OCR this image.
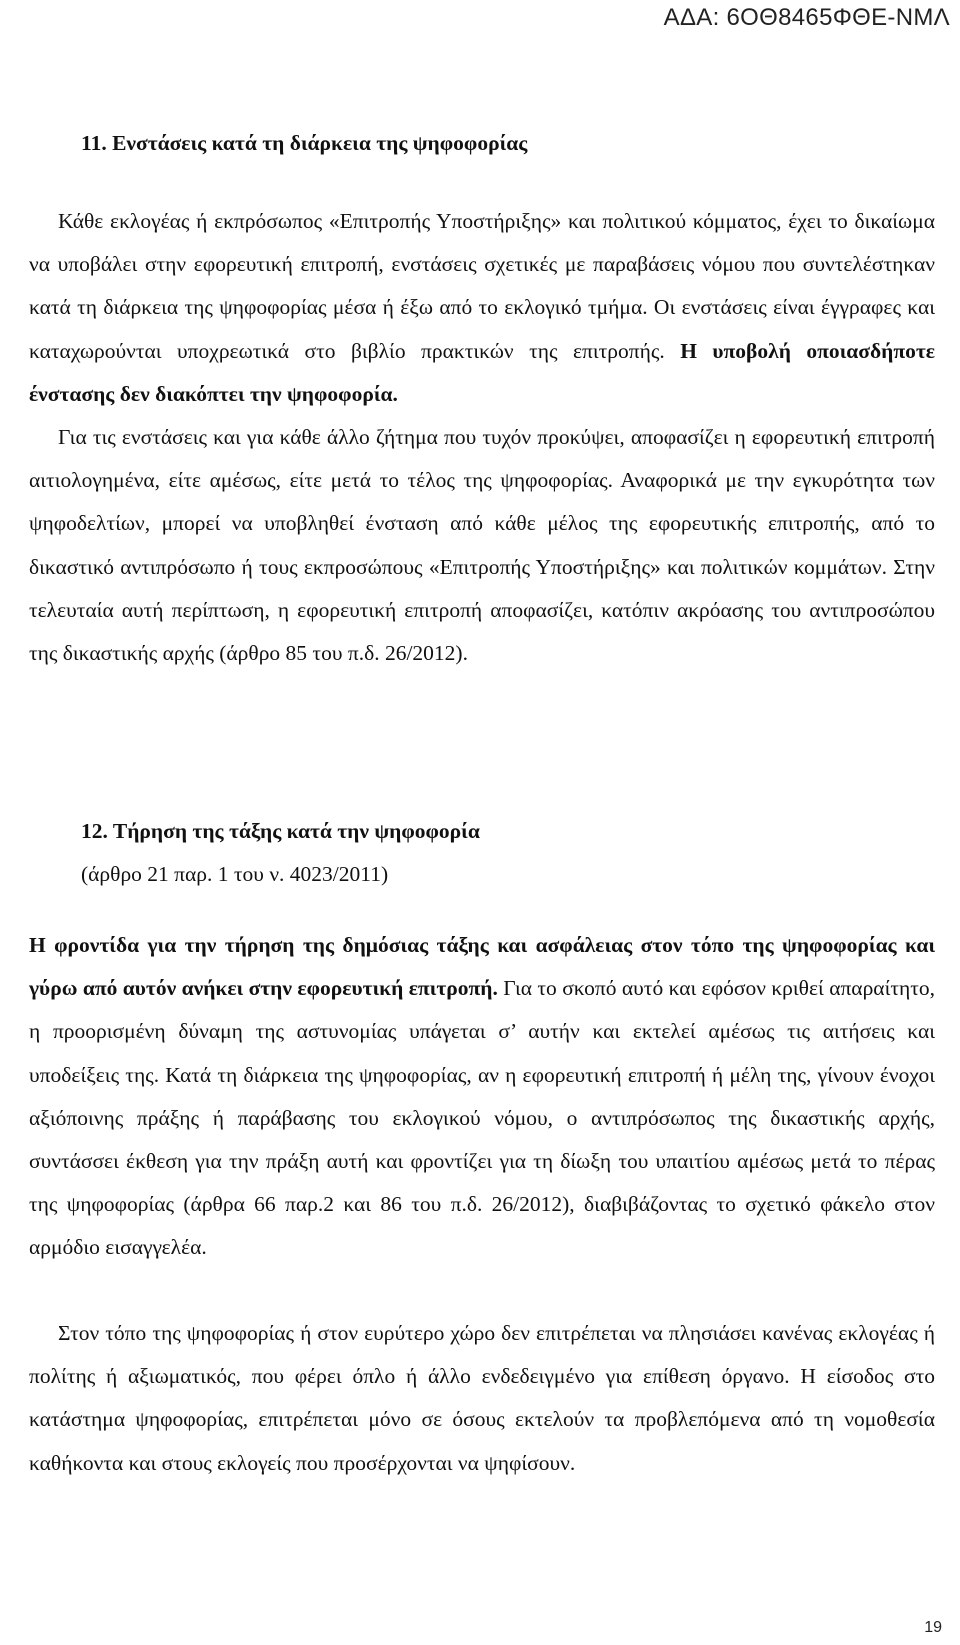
ΑΔΑ: 6ΟΘ8465ΦΘΕ-ΝΜΛ
11. Ενστάσεις κατά τη διάρκεια της ψηφοφορίας

Κάθε εκλογέας ή εκπρόσωπος «Επιτροπής Υποστήριξης» και πολιτικού κόμματος, έχει το δικαίωμα να υποβάλει στην εφορευτική επιτροπή, ενστάσεις σχετικές με παραβάσεις νόμου που συντελέστηκαν κατά τη διάρκεια της ψηφοφορίας μέσα ή έξω από το εκλογικό τμήμα. Οι ενστάσεις είναι έγγραφες και καταχωρούνται υποχρεωτικά στο βιβλίο πρακτικών της επιτροπής. Η υποβολή οποιασδήποτε ένστασης δεν διακόπτει την ψηφοφορία.

Για τις ενστάσεις και για κάθε άλλο ζήτημα που τυχόν προκύψει, αποφασίζει η εφορευτική επιτροπή αιτιολογημένα, είτε αμέσως, είτε μετά το τέλος της ψηφοφορίας. Αναφορικά με την εγκυρότητα των ψηφοδελτίων, μπορεί να υποβληθεί ένσταση από κάθε μέλος της εφορευτικής επιτροπής, από το δικαστικό αντιπρόσωπο ή τους εκπροσώπους «Επιτροπής Υποστήριξης» και πολιτικών κομμάτων. Στην τελευταία αυτή περίπτωση, η εφορευτική επιτροπή αποφασίζει, κατόπιν ακρόασης του αντιπροσώπου της δικαστικής αρχής (άρθρο 85 του π.δ. 26/2012).

12. Τήρηση της τάξης κατά την ψηφοφορία

(άρθρο 21 παρ. 1 του ν. 4023/2011)

Η φροντίδα για την τήρηση της δημόσιας τάξης και ασφάλειας στον τόπο της ψηφοφορίας και γύρω από αυτόν ανήκει στην εφορευτική επιτροπή. Για το σκοπό αυτό και εφόσον κριθεί απαραίτητο, η προορισμένη δύναμη της αστυνομίας υπάγεται σ’ αυτήν και εκτελεί αμέσως τις αιτήσεις και υποδείξεις της. Κατά τη διάρκεια της ψηφοφορίας, αν η εφορευτική επιτροπή ή μέλη της, γίνουν ένοχοι αξιόποινης πράξης ή παράβασης του εκλογικού νόμου, ο αντιπρόσωπος της δικαστικής αρχής, συντάσσει έκθεση για την πράξη αυτή και φροντίζει για τη δίωξη του υπαιτίου αμέσως μετά το πέρας της ψηφοφορίας (άρθρα 66 παρ.2 και 86 του π.δ. 26/2012), διαβιβάζοντας το σχετικό φάκελο στον αρμόδιο εισαγγελέα.

Στον τόπο της ψηφοφορίας ή στον ευρύτερο χώρο δεν επιτρέπεται να πλησιάσει κανένας εκλογέας ή πολίτης ή αξιωματικός, που φέρει όπλο ή άλλο ενδεδειγμένο για επίθεση όργανο. Η είσοδος στο κατάστημα ψηφοφορίας, επιτρέπεται μόνο σε όσους εκτελούν τα προβλεπόμενα από τη νομοθεσία καθήκοντα και στους εκλογείς που προσέρχονται να ψηφίσουν.

19
